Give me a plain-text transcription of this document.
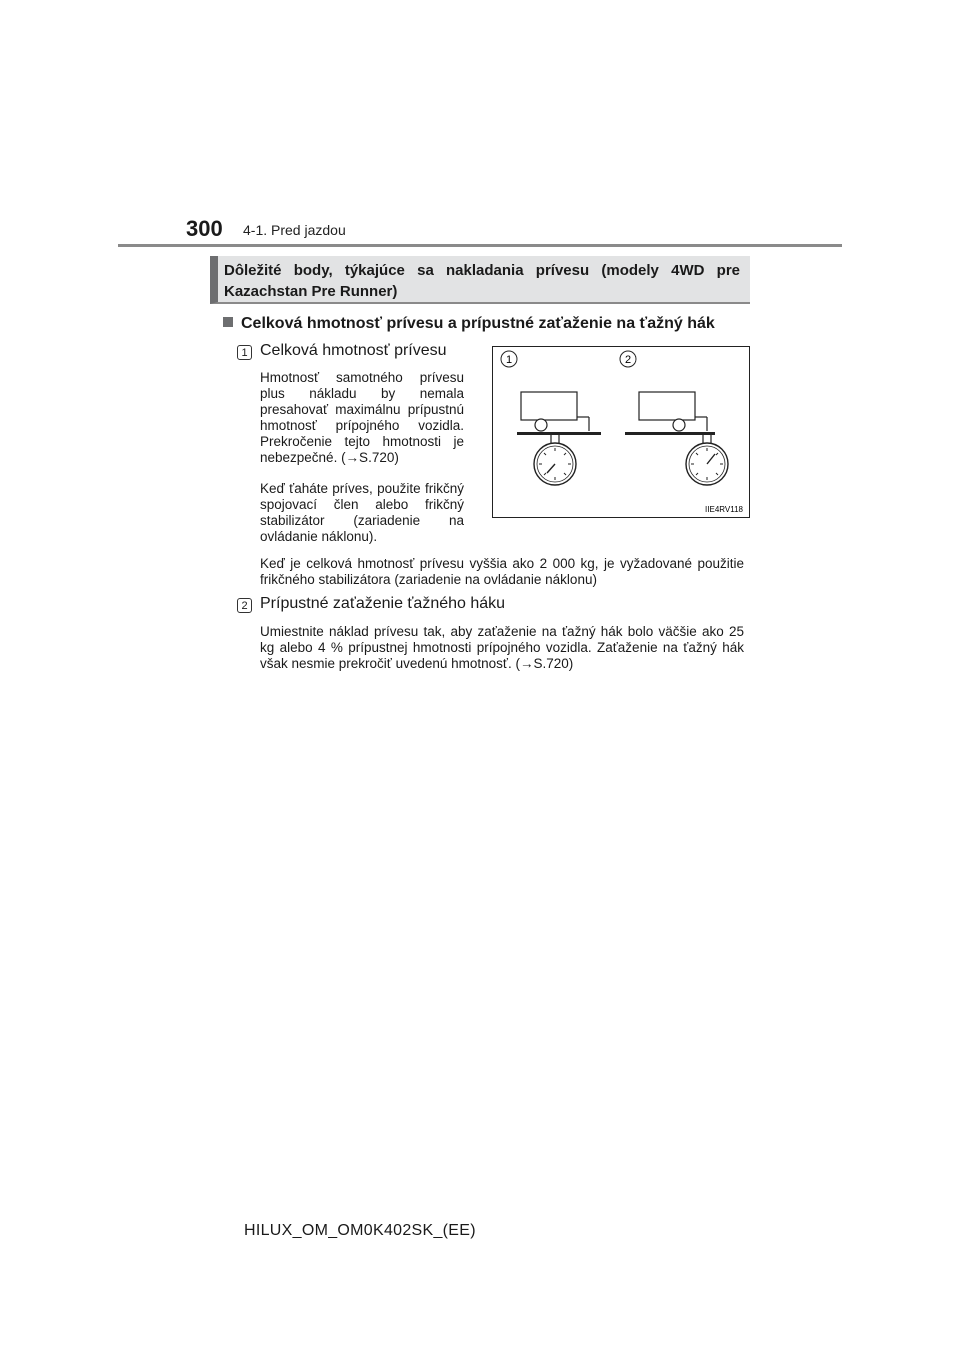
300 4-1. Pred jazdou
Dôležité body, týkajúce sa nakladania prívesu (modely 4WD pre Kazachstan Pre Runner)
Celková hmotnosť prívesu a prípustné zaťaženie na ťažný hák
1 Celková hmotnosť prívesu
Hmotnosť samotného prívesu plus nákladu by nemala presahovať maximálnu prípustnú hmotnosť prípojného vozidla. Prekročenie tejto hmotnosti je nebezpečné. (→S.720)
Keď ťaháte príves, použite frikčný spojovací člen alebo frikčný stabilizátor (zariadenie na ovládanie náklonu).
Keď je celková hmotnosť prívesu vyššia ako 2 000 kg, je vyžadované použitie frikčného stabilizátora (zariadenie na ovládanie náklonu)
1	2
IIE4RV118
2 Prípustné zaťaženie ťažného háku
Umiestnite náklad prívesu tak, aby zaťaženie na ťažný hák bolo väčšie ako 25 kg alebo 4 % prípustnej hmotnosti prípojného vozidla. Zaťaženie na ťažný hák však nesmie prekročiť uvedenú hmotnosť. (→S.720)
HILUX_OM_OM0K402SK_(EE)
